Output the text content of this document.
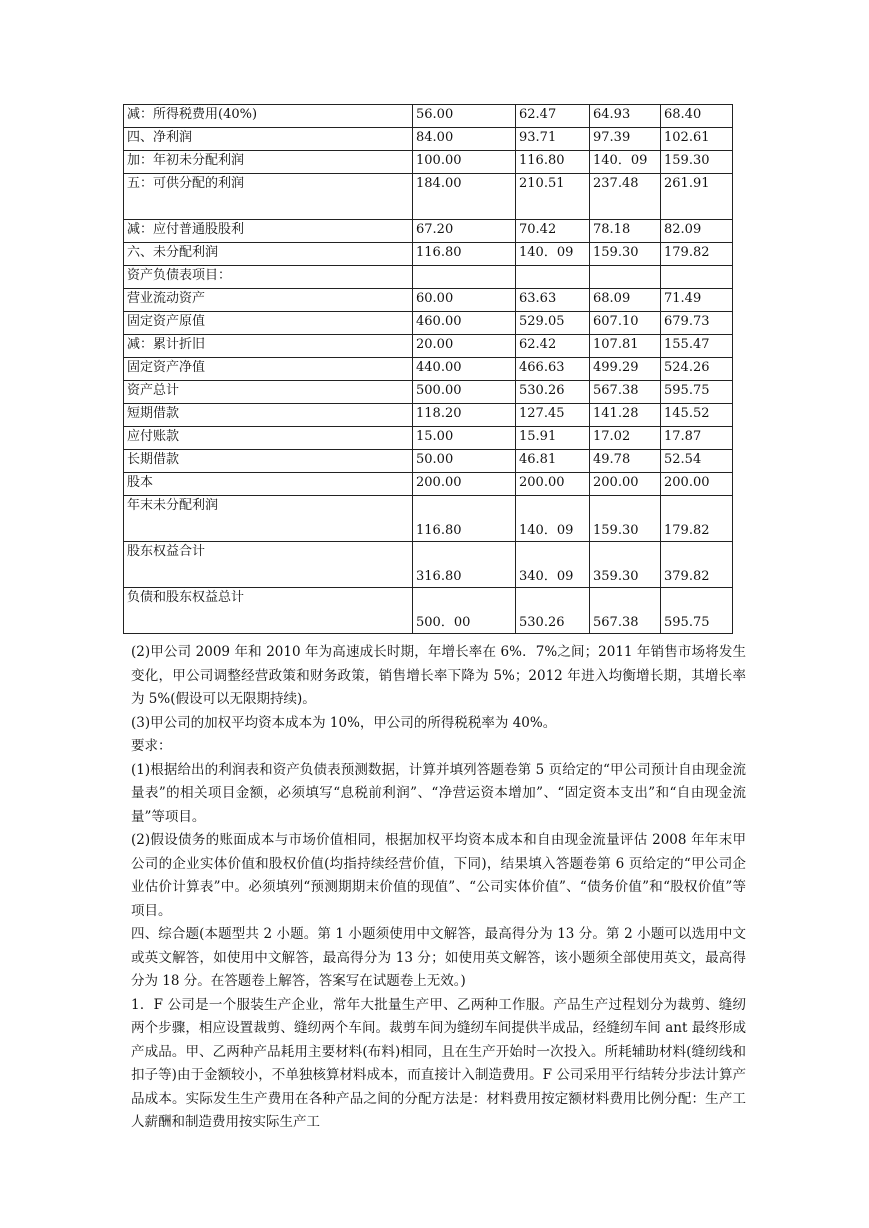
减：所得税费用(40%)	56.00	62.47	64.93	68.40
四、净利润	84.00	93.71	97.39	102.61
加：年初未分配利润	100.00	116.80	140．09	159.30
五：可供分配的利润	184.00	210.51	237.48	261.91
减：应付普通股股利	67.20	70.42	78.18	82.09
六、未分配利润	116.80	140．09	159.30	179.82
资产负债表项目：				
营业流动资产	60.00	63.63	68.09	71.49
固定资产原值	460.00	529.05	607.10	679.73
减：累计折旧	20.00	62.42	107.81	155.47
固定资产净值	440.00	466.63	499.29	524.26
资产总计	500.00	530.26	567.38	595.75
短期借款	118.20	127.45	141.28	145.52
应付账款	15.00	15.91	17.02	17.87
长期借款	50.00	46.81	49.78	52.54
股本	200.00	200.00	200.00	200.00
年末未分配利润	116.80	140．09	159.30	179.82
股东权益合计	316.80	340．09	359.30	379.82
负债和股东权益总计	500．00	530.26	567.38	595.75

(2)甲公司 2009 年和 2010 年为高速成长时期，年增长率在 6%．7%之间；2011 年销售市场将发生变化，甲公司调整经营政策和财务政策，销售增长率下降为 5%；2012 年进入均衡增长期，其增长率为 5%(假设可以无限期持续)。

(3)甲公司的加权平均资本成本为 10%，甲公司的所得税税率为 40%。

要求：

(1)根据给出的利润表和资产负债表预测数据，计算并填列答题卷第 5 页给定的“甲公司预计自由现金流量表”的相关项目金额，必须填写“息税前利润”、“净营运资本增加”、“固定资本支出”和“自由现金流量”等项目。

(2)假设债务的账面成本与市场价值相同，根据加权平均资本成本和自由现金流量评估 2008 年年末甲公司的企业实体价值和股权价值(均指持续经营价值，下同)，结果填入答题卷第 6 页给定的“甲公司企业估价计算表”中。必须填列“预测期期末价值的现值”、“公司实体价值”、“债务价值”和“股权价值”等项目。

四、综合题(本题型共 2 小题。第 1 小题须使用中文解答，最高得分为 13 分。第 2 小题可以选用中文或英文解答，如使用中文解答，最高得分为 13 分；如使用英文解答，该小题须全部使用英文，最高得分为 18 分。在答题卷上解答，答案写在试题卷上无效。)

1．F 公司是一个服装生产企业，常年大批量生产甲、乙两种工作服。产品生产过程划分为裁剪、缝纫两个步骤，相应设置裁剪、缝纫两个车间。裁剪车间为缝纫车间提供半成品，经缝纫车间 ant 最终形成产成品。甲、乙两种产品耗用主要材料(布料)相同，且在生产开始时一次投入。所耗辅助材料(缝纫线和扣子等)由于金额较小，不单独核算材料成本，而直接计入制造费用。F 公司采用平行结转分步法计算产品成本。实际发生生产费用在各种产品之间的分配方法是：材料费用按定额材料费用比例分配：生产工人薪酬和制造费用按实际生产工
